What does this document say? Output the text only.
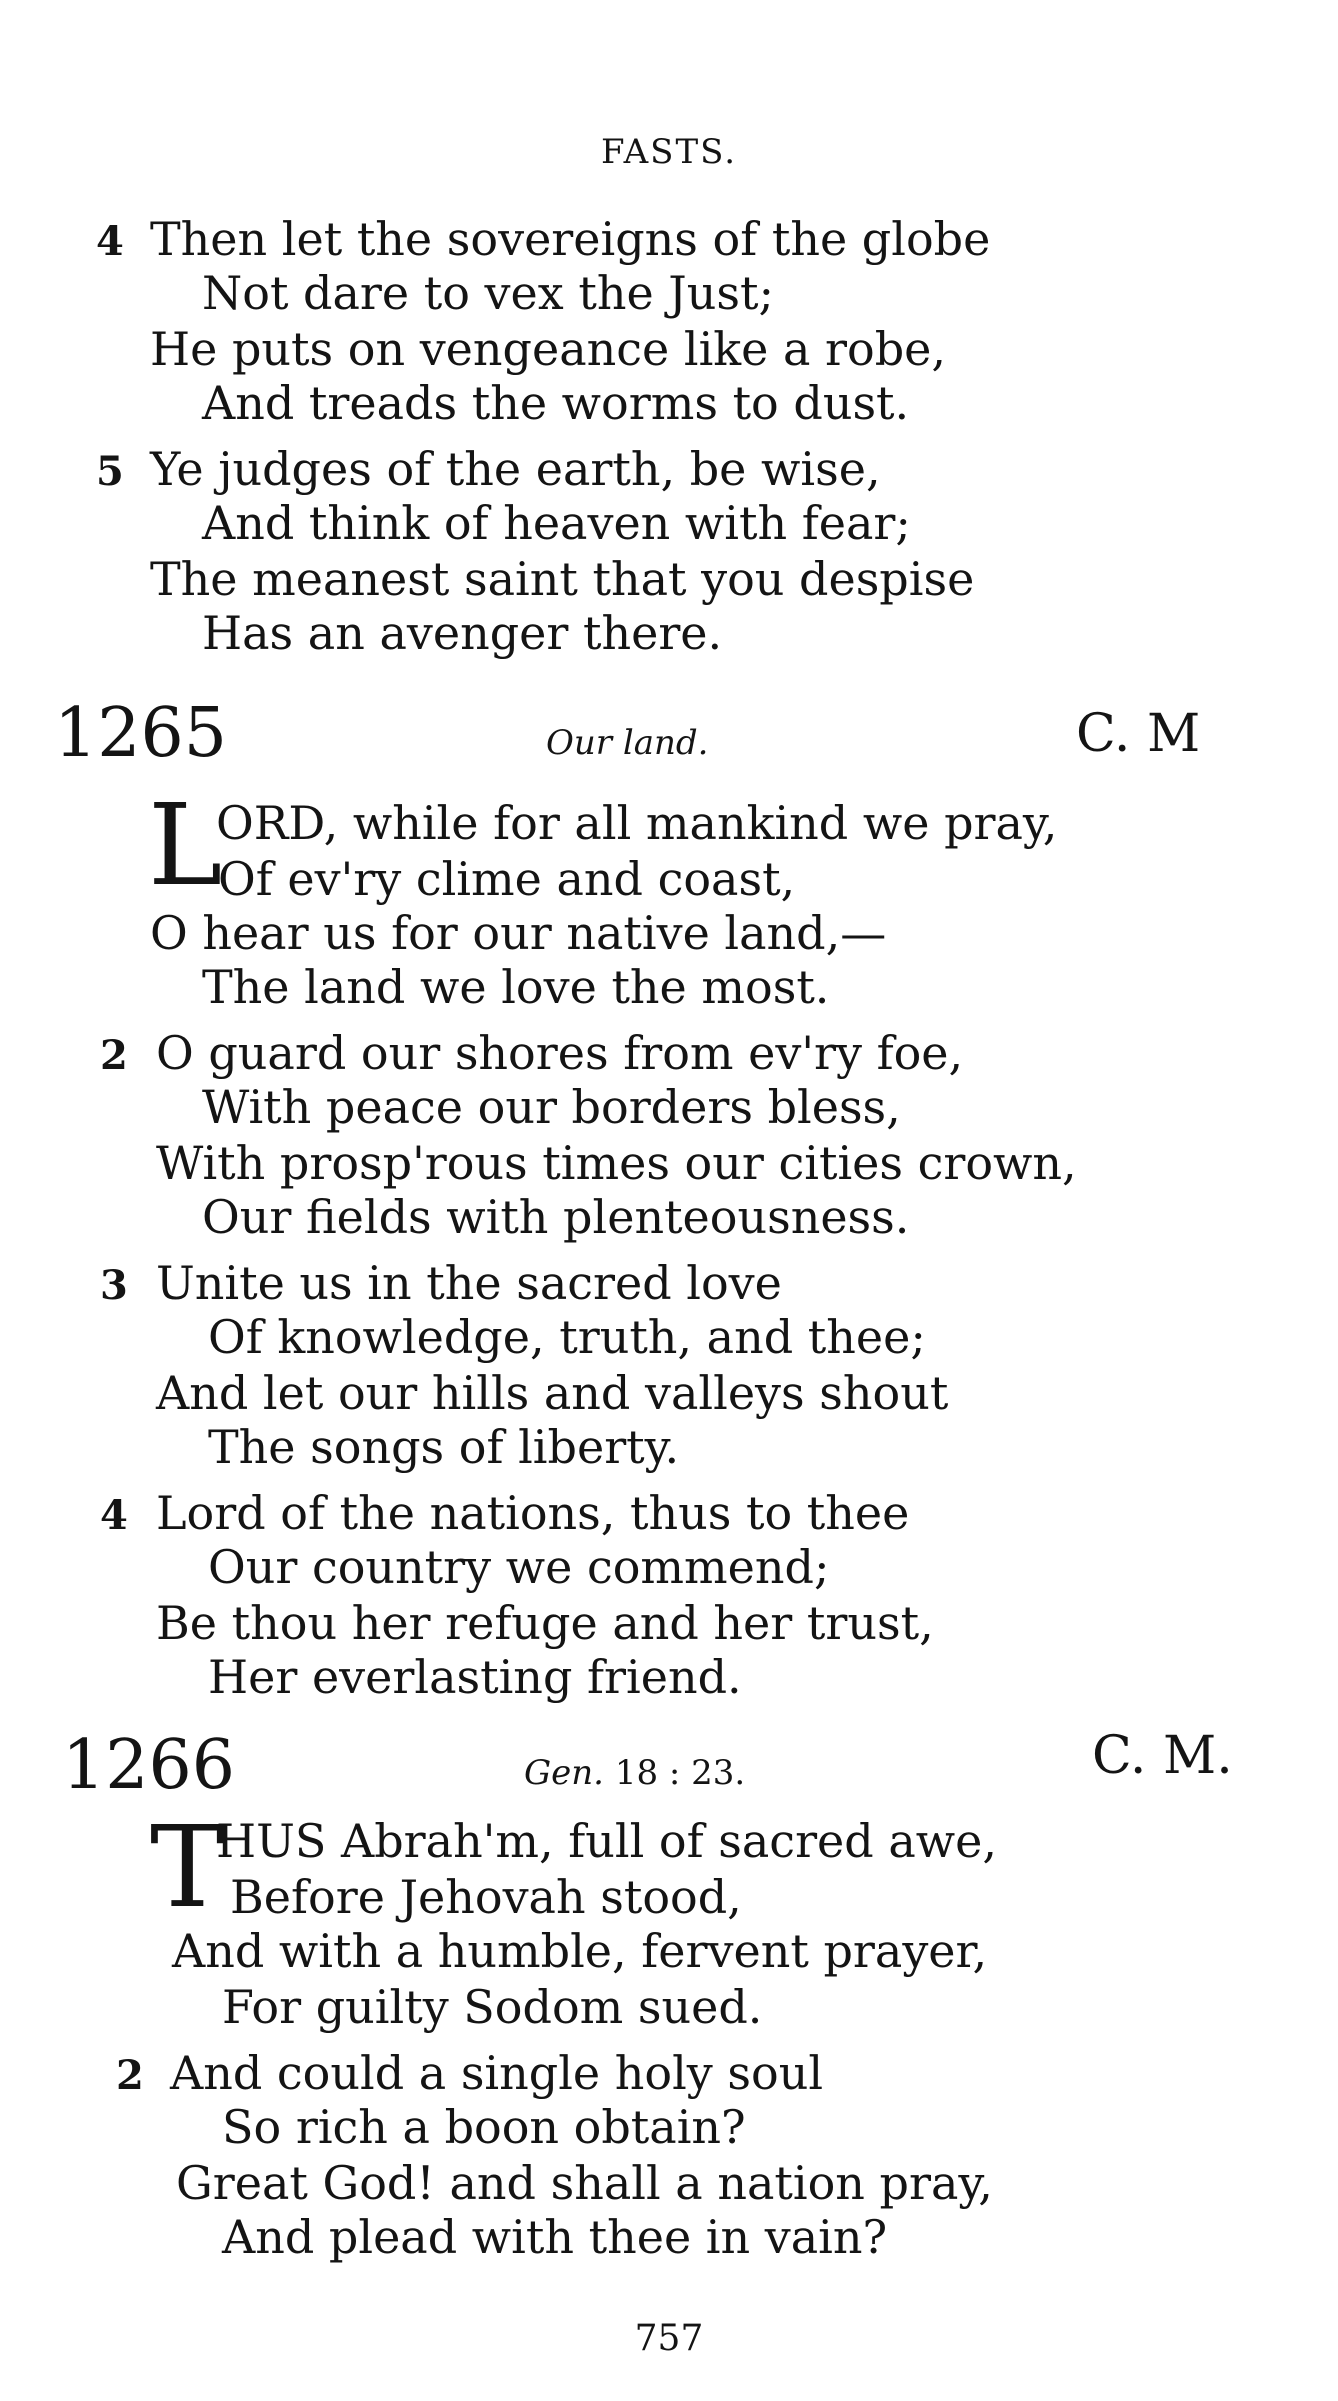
FASTS.
4 Then let the sovereigns of the globe
Not dare to vex the Just;
He puts on vengeance like a robe,
And treads the worms to dust.
5 Ye judges of the earth, be wise,
And think of heaven with fear;
The meanest saint that you despise
Has an avenger there.
1265	Our land.	C. M
L
ORD, while for all mankind we pray,
Of ev'ry clime and coast,
O hear us for our native land,—
The land we love the most.
2 O guard our shores from ev'ry foe,
With peace our borders bless,
With prosp'rous times our cities crown,
Our fields with plenteousness.
3 Unite us in the sacred love
Of knowledge, truth, and thee;
And let our hills and valleys shout
The songs of liberty.
4 Lord of the nations, thus to thee
Our country we commend;
Be thou her refuge and her trust,
Her everlasting friend.
1266	Gen. 18 : 23.	C. M.
T
HUS Abrah'm, full of sacred awe,
Before Jehovah stood,
And with a humble, fervent prayer,
For guilty Sodom sued.
2 And could a single holy soul
So rich a boon obtain?
Great God! and shall a nation pray,
And plead with thee in vain?
757
